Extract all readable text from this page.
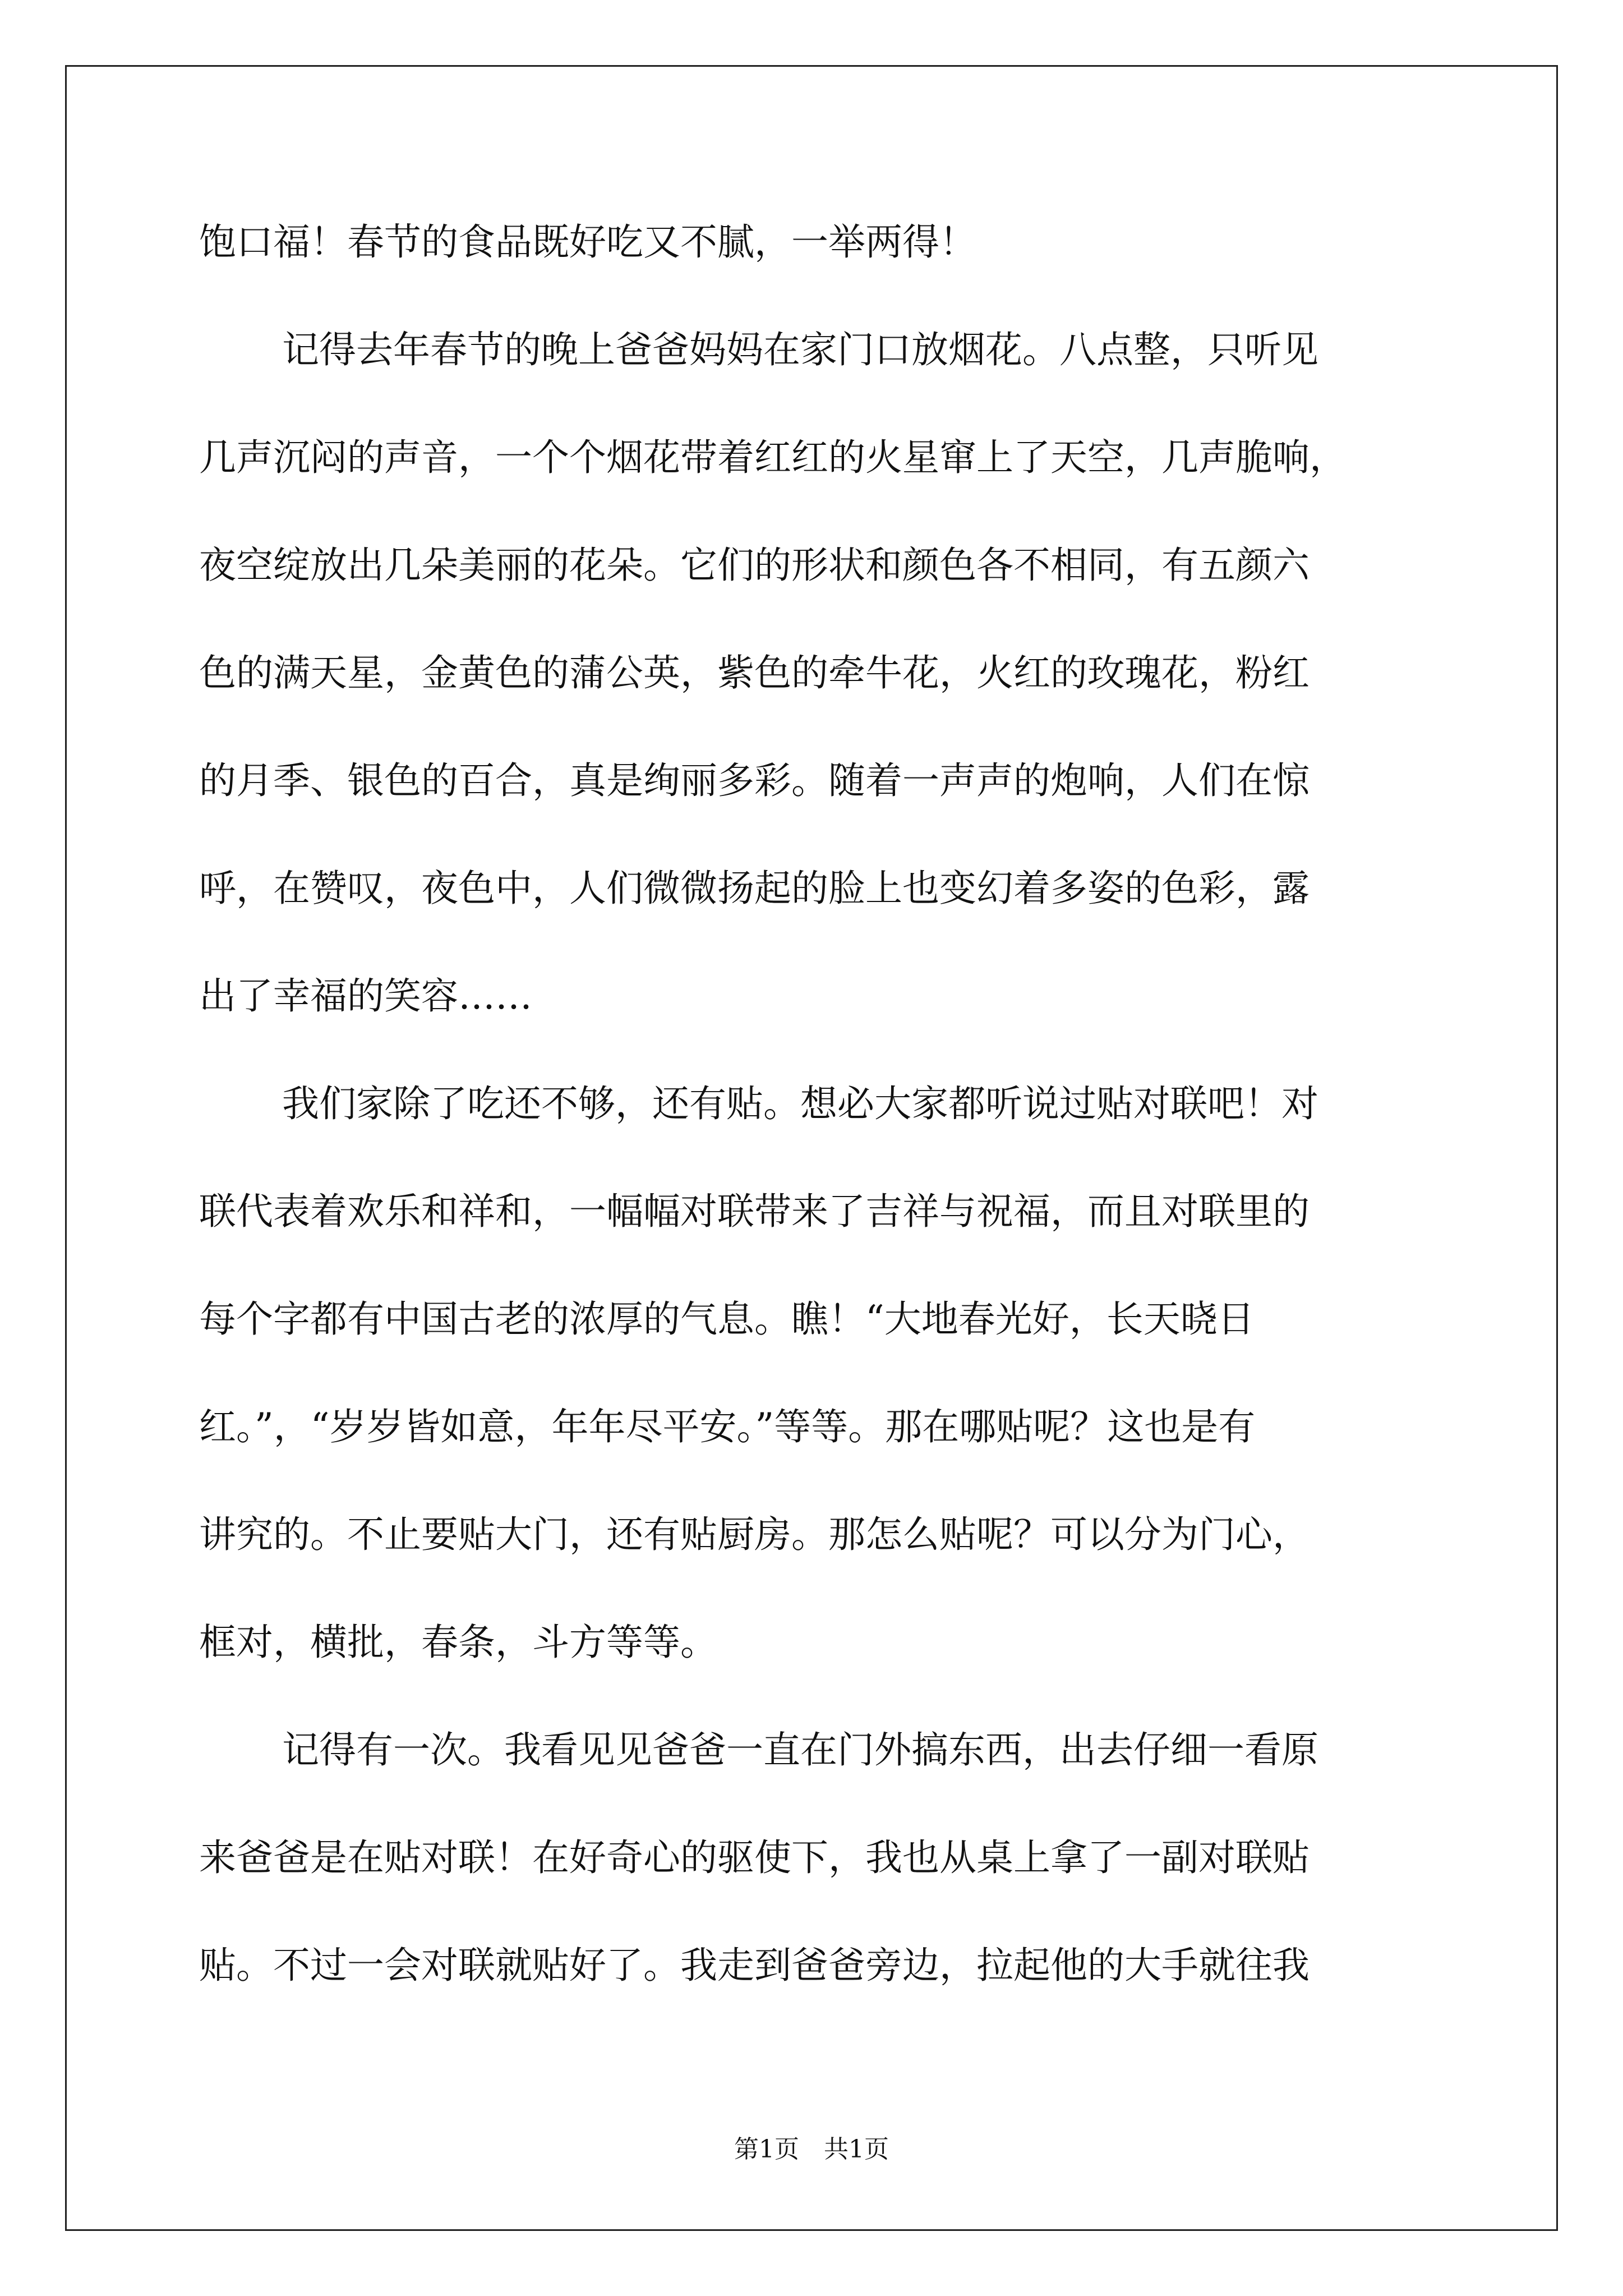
饱口福！春节的食品既好吃又不腻，一举两得！
记得去年春节的晚上爸爸妈妈在家门口放烟花。八点整，只听见
几声沉闷的声音，一个个烟花带着红红的火星窜上了天空，几声脆响，
夜空绽放出几朵美丽的花朵。它们的形状和颜色各不相同，有五颜六
色的满天星，金黄色的蒲公英，紫色的牵牛花，火红的玫瑰花，粉红
的月季、银色的百合，真是绚丽多彩。随着一声声的炮响，人们在惊
呼，在赞叹，夜色中，人们微微扬起的脸上也变幻着多姿的色彩，露
出了幸福的笑容……
我们家除了吃还不够，还有贴。想必大家都听说过贴对联吧！对
联代表着欢乐和祥和，一幅幅对联带来了吉祥与祝福，而且对联里的
每个字都有中国古老的浓厚的气息。瞧！“大地春光好，长天晓日
红。”，“岁岁皆如意，年年尽平安。”等等。那在哪贴呢？这也是有
讲究的。不止要贴大门，还有贴厨房。那怎么贴呢？可以分为门心，
框对，横批，春条，斗方等等。
记得有一次。我看见见爸爸一直在门外搞东西，出去仔细一看原
来爸爸是在贴对联！在好奇心的驱使下，我也从桌上拿了一副对联贴
贴。不过一会对联就贴好了。我走到爸爸旁边，拉起他的大手就往我
第1页　共1页
